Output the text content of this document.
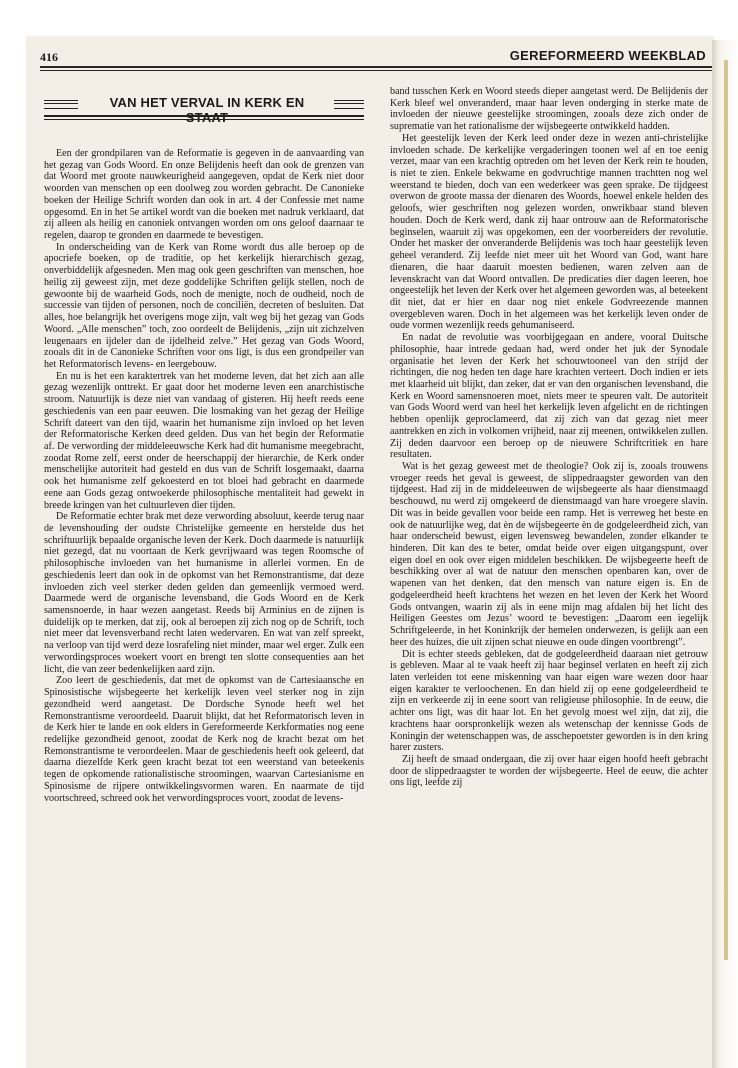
416	GEREFORMEERD WEEKBLAD
VAN HET VERVAL IN KERK EN STAAT

Een der grondpilaren van de Reformatie is gegeven in de aanvaarding van het gezag van Gods Woord. En onze Belijdenis heeft dan ook de grenzen van dat Woord met groote nauwkeurigheid aangegeven, opdat de Kerk niet door woorden van menschen op een doolweg zou worden gebracht. De Canonieke boeken der Heilige Schrift worden dan ook in art. 4 der Confessie met name opgesomd. En in het 5e artikel wordt van die boeken met nadruk verklaard, dat zij alleen als heilig en canoniek ontvangen worden om ons geloof daarnaar te regelen, daarop te gronden en daarmede te bevestigen.

In onderscheiding van de Kerk van Rome wordt dus alle beroep op de apocriefe boeken, op de traditie, op het kerkelijk hierarchisch gezag, onverbiddelijk afgesneden. Men mag ook geen geschriften van menschen, hoe heilig zij geweest zijn, met deze goddelijke Schriften gelijk stellen, noch de gewoonte bij de waarheid Gods, noch de menigte, noch de oudheid, noch de successie van tijden of personen, noch de conciliën, decreten of besluiten. Dat alles, hoe belangrijk het overigens moge zijn, valt weg bij het gezag van Gods Woord. „Alle menschen” toch, zoo oordeelt de Belijdenis, „zijn uit zichzelven leugenaars en ijdeler dan de ijdelheid zelve.” Het gezag van Gods Woord, zooals dit in de Canonieke Schriften voor ons ligt, is dus een grondpeiler van het Reformatorisch levens- en leergebouw.

En nu is het een karaktertrek van het moderne leven, dat het zich aan alle gezag wezenlijk onttrekt. Er gaat door het moderne leven een anarchistische stroom. Natuurlijk is deze niet van vandaag of gisteren. Hij heeft reeds eene geschiedenis van een paar eeuwen. Die losmaking van het gezag der Heilige Schrift dateert van den tijd, waarin het humanisme zijn invloed op het leven der Reformatorische Kerken deed gelden. Dus van het begin der Reformatie af. De verwording der middeleeuwsche Kerk had dit humanisme meegebracht, zoodat Rome zelf, eerst onder de heerschappij der hierarchie, de Kerk onder menschelijke autoriteit had gesteld en dus van de Schrift losgemaakt, daarna ook het humanisme zelf gekoesterd en tot bloei had gebracht en daarmede eene aan Gods gezag ontwoekerde philosophische mentaliteit had gewekt in breede kringen van het cultuurleven dier tijden.

De Reformatie echter brak met deze verwording absoluut, keerde terug naar de levenshouding der oudste Christelijke gemeente en herstelde dus het schriftuurlijk bepaalde organische leven der Kerk. Doch daarmede is natuurlijk niet gezegd, dat nu voortaan de Kerk gevrijwaard was tegen Roomsche of philosophische invloeden van het humanisme in allerlei vormen. En de geschiedenis leert dan ook in de opkomst van het Remonstrantisme, dat deze invloeden zich veel sterker deden gelden dan gemeenlijk vermoed werd. Daarmede werd de organische levensband, die Gods Woord en de Kerk samensnoerde, in haar wezen aangetast. Reeds bij Arminius en de zijnen is duidelijk op te merken, dat zij, ook al beroepen zij zich nog op de Schrift, toch niet meer dat levensverband recht laten wedervaren. En wat van zelf spreekt, na verloop van tijd werd deze losrafeling niet minder, maar wel erger. Zulk een verwordingsproces woekert voort en brengt ten slotte consequenties aan het licht, die van zeer bedenkelijken aard zijn.

Zoo leert de geschiedenis, dat met de opkomst van de Cartesiaansche en Spinosistische wijsbegeerte het kerkelijk leven veel sterker nog in zijn gezondheid werd aangetast. De Dordsche Synode heeft wel het Remonstrantisme veroordeeld. Daaruit blijkt, dat het Reformatorisch leven in de Kerk hier te lande en ook elders in Gereformeerde Kerkformaties nog eene redelijke gezondheid genoot, zoodat de Kerk nog de kracht bezat om het Remonstrantisme te veroordeelen. Maar de geschiedenis heeft ook geleerd, dat daarna diezelfde Kerk geen kracht bezat tot een weerstand van beteekenis tegen de opkomende rationalistische stroomingen, waarvan Cartesianisme en Spinosisme de rijpere ontwikkelingsvormen waren. En naarmate de tijd voortschreed, schreed ook het verwordingsproces voort, zoodat de levens-

band tusschen Kerk en Woord steeds dieper aangetast werd. De Belijdenis der Kerk bleef wel onveranderd, maar haar leven onderging in sterke mate de invloeden der nieuwe geestelijke stroomingen, zooals deze zich onder de suprematie van het rationalisme der wijsbegeerte ontwikkeld hadden.

Het geestelijk leven der Kerk leed onder deze in wezen anti-christelijke invloeden schade. De kerkelijke vergaderingen toonen wel af en toe eenig verzet, maar van een krachtig optreden om het leven der Kerk rein te houden, is niet te zien. Enkele bekwame en godvruchtige mannen trachtten nog wel weerstand te bieden, doch van een wederkeer was geen sprake. De tijdgeest overwon de groote massa der dienaren des Woords, hoewel enkele helden des geloofs, wier geschriften nog gelezen worden, onwrikbaar stand bleven houden. Doch de Kerk werd, dank zij haar ontrouw aan de Reformatorische beginselen, waaruit zij was opgekomen, een der voorbereiders der revolutie. Onder het masker der onveranderde Belijdenis was toch haar geestelijk leven geheel veranderd. Zij leefde niet meer uit het Woord van God, want hare dienaren, die haar daaruit moesten bedienen, waren zelven aan de levenskracht van dat Woord ontvallen. De predicaties dier dagen leeren, hoe ongeestelijk het leven der Kerk over het algemeen geworden was, al beteekent dit niet, dat er hier en daar nog niet enkele Godvreezende mannen overgebleven waren. Doch in het algemeen was het kerkelijk leven onder de oude vormen wezenlijk reeds gehumaniseerd.

En nadat de revolutie was voorbijgegaan en andere, vooral Duitsche philosophie, haar intrede gedaan had, werd onder het juk der Synodale organisatie het leven der Kerk het schouwtooneel van den strijd der richtingen, die nog heden ten dage hare krachten verteert. Doch indien er iets met klaarheid uit blijkt, dan zeker, dat er van den organischen levensband, die Kerk en Woord samensnoeren moet, niets meer te speuren valt. De autoriteit van Gods Woord werd van heel het kerkelijk leven afgelicht en de richtingen hebben openlijk geproclameerd, dat zij zich van dat gezag niet meer aantrekken en zich in volkomen vrijheid, naar zij meenen, ontwikkelen zullen. Zij deden daarvoor een beroep op de nieuwere Schriftcritiek en hare resultaten.

Wat is het gezag geweest met de theologie? Ook zij is, zooals trouwens vroeger reeds het geval is geweest, de slippedraagster geworden van den tijdgeest. Had zij in de middeleeuwen de wijsbegeerte als haar dienstmaagd beschouwd, nu werd zij omgekeerd de dienstmaagd van hare vroegere slavin. Dit was in beide gevallen voor beide een ramp. Het is verreweg het beste en ook de natuurlijke weg, dat èn de wijsbegeerte èn de godgeleerdheid zich, van haar onderscheid bewust, eigen levensweg bewandelen, zonder elkander te hinderen. Dit kan des te beter, omdat beide over eigen uitgangspunt, over eigen doel en ook over eigen middelen beschikken. De wijsbegeerte heeft de beschikking over al wat de natuur den menschen openbaren kan, over de wapenen van het denken, dat den mensch van nature eigen is. En de godgeleerdheid heeft krachtens het wezen en het leven der Kerk het Woord Gods ontvangen, waarin zij als in eene mijn mag afdalen bij het licht des Heiligen Geestes om Jezus’ woord te bevestigen: „Daarom een iegelijk Schriftgeleerde, in het Koninkrijk der hemelen onderwezen, is gelijk aan een heer des huizes, die uit zijnen schat nieuwe en oude dingen voortbrengt”.

Dit is echter steeds gebleken, dat de godgeleerdheid daaraan niet getrouw is gebleven. Maar al te vaak heeft zij haar beginsel verlaten en heeft zij zich laten verleiden tot eene miskenning van haar eigen ware wezen door haar eigen karakter te verloochenen. En dan hield zij op eene godgeleerdheid te zijn en verkeerde zij in eene soort van religieuse philosophie. In de eeuw, die achter ons ligt, was dit haar lot. En het gevolg moest wel zijn, dat zij, die krachtens haar oorspronkelijk wezen als wetenschap der kennisse Gods de Koningin der wetenschappen was, de asschepoetster geworden is in den kring harer zusters.

Zij heeft de smaad ondergaan, die zij over haar eigen hoofd heeft gebracht door de slippedraagster te worden der wijsbegeerte. Heel de eeuw, die achter ons ligt, leefde zij
